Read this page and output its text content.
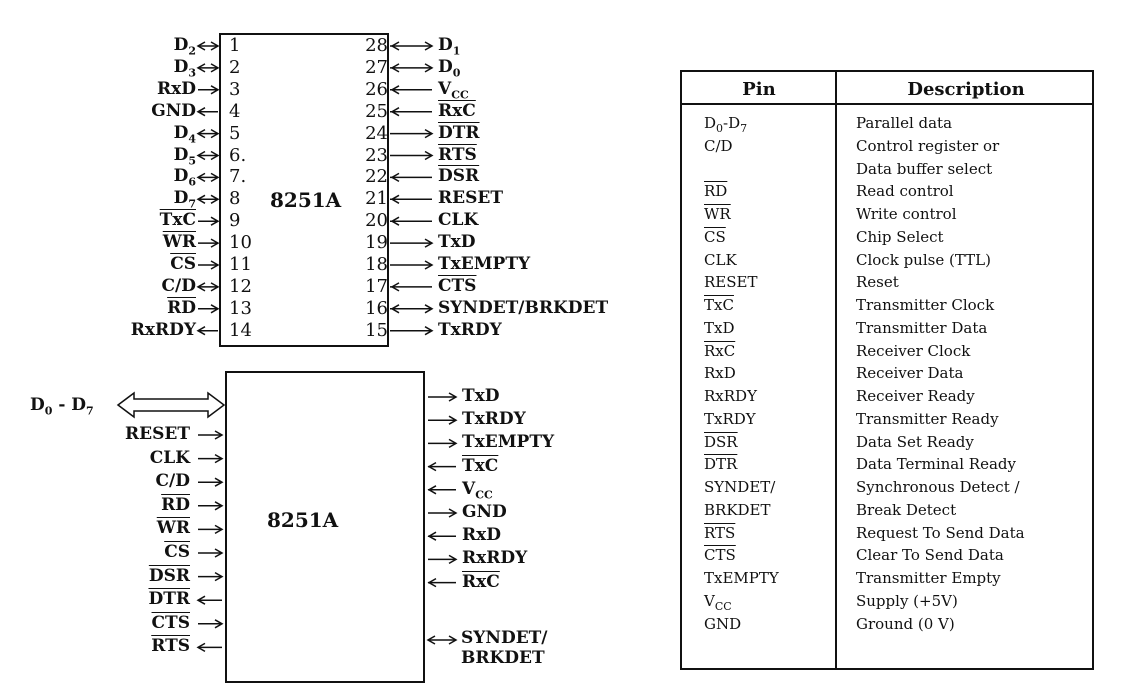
8251A
1
$D_2$
2
$D_3$
3
RxD
4
GND
5
$D_4$
6.
$D_5$
7.
$D_6$
8
$D_7$
9
$\overline{TxC}$
10
$\overline{WR}$
11
$\overline{CS}$
12
C/D
13
$\overline{RD}$
14
RxRDY
28	$D_1$
27	$D_0$
26	$V_{CC}$
25	$\overline{RxC}$
24	$\overline{DTR}$
23	$\overline{RTS}$
22	$\overline{DSR}$
21	RESET
20	CLK
19	TxD
18	TxEMPTY
17	$\overline{CTS}$
16	SYNDET/BRKDET
15	TxRDY
8251A
$D_0 - D_7$
RESET
CLK
C/D
$\overline{RD}$
$\overline{WR}$
$\overline{CS}$
$\overline{DSR}$
$\overline{DTR}$
$\overline{CTS}$
$\overline{RTS}$
TxD
TxRDY
TxEMPTY
$\overline{TxC}$
$V_{CC}$
GND
RxD
RxRDY
$\overline{RxC}$
SYNDET/
BRKDET
Pin	Description
$D_0-D_7$	Parallel data
C/D	Control register or
Data buffer select
$\overline{RD}$	Read control
$\overline{WR}$	Write control
$\overline{CS}$	Chip Select
CLK	Clock pulse (TTL)
RESET	Reset
$\overline{TxC}$	Transmitter Clock
TxD	Transmitter Data
$\overline{RxC}$	Receiver Clock
RxD	Receiver Data
RxRDY	Receiver Ready
TxRDY	Transmitter Ready
$\overline{DSR}$	Data Set Ready
$\overline{DTR}$	Data Terminal Ready
SYNDET/	Synchronous Detect /
BRKDET	Break Detect
$\overline{RTS}$	Request To Send Data
$\overline{CTS}$	Clear To Send Data
TxEMPTY	Transmitter Empty
$V_{CC}$	Supply (+5V)
GND	Ground (0 V)
